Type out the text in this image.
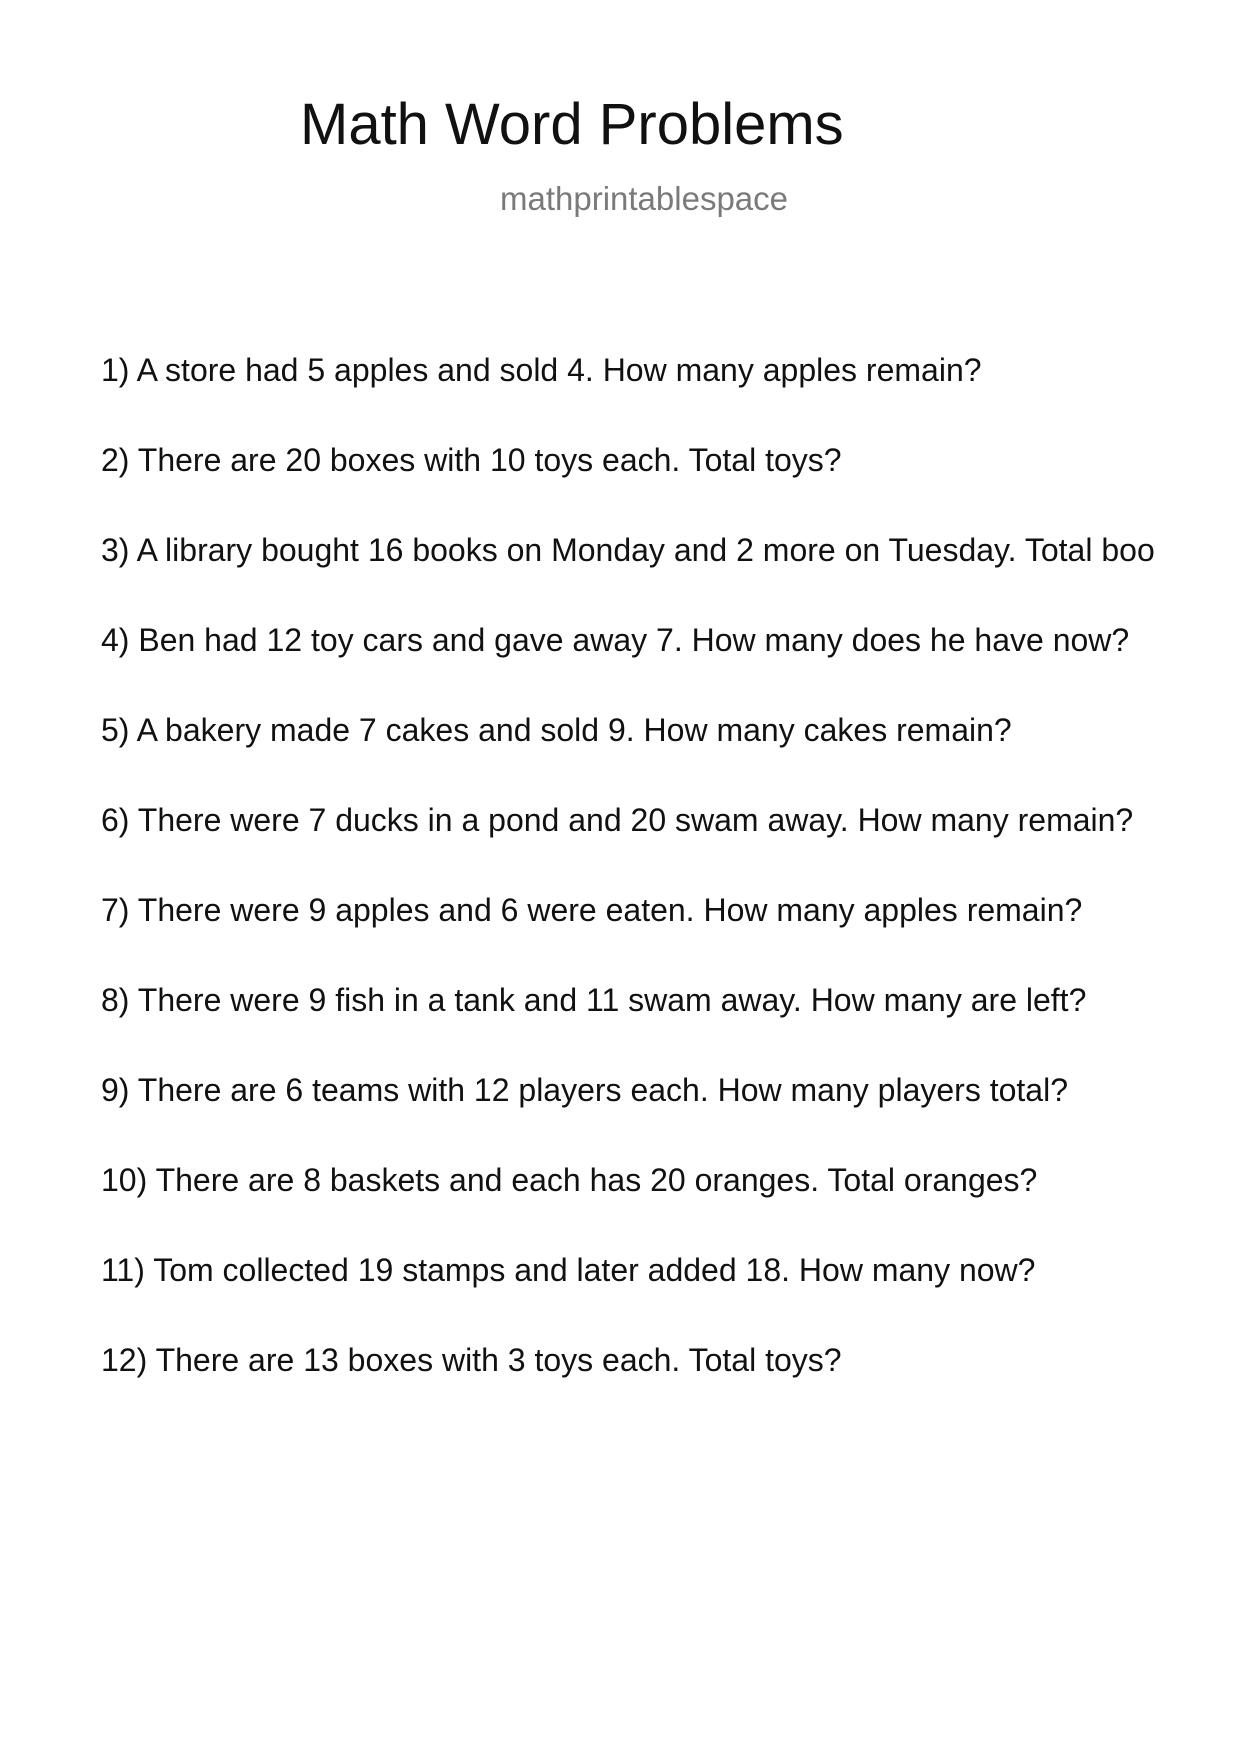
Math Word Problems
mathprintablespace
1) A store had 5 apples and sold 4. How many apples remain?
2) There are 20 boxes with 10 toys each. Total toys?
3) A library bought 16 books on Monday and 2 more on Tuesday. Total boo
4) Ben had 12 toy cars and gave away 7. How many does he have now?
5) A bakery made 7 cakes and sold 9. How many cakes remain?
6) There were 7 ducks in a pond and 20 swam away. How many remain?
7) There were 9 apples and 6 were eaten. How many apples remain?
8) There were 9 fish in a tank and 11 swam away. How many are left?
9) There are 6 teams with 12 players each. How many players total?
10) There are 8 baskets and each has 20 oranges. Total oranges?
11) Tom collected 19 stamps and later added 18. How many now?
12) There are 13 boxes with 3 toys each. Total toys?
